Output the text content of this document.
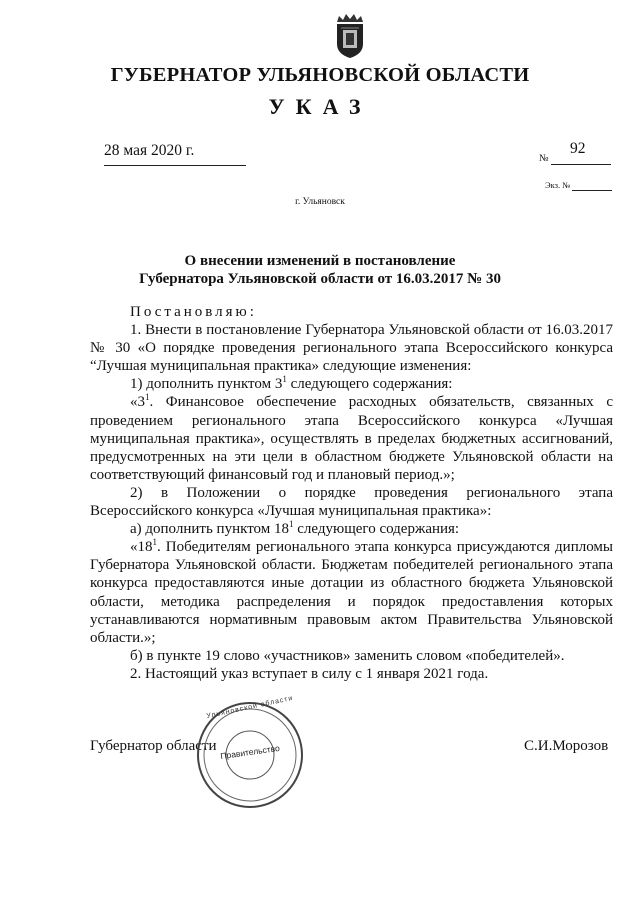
ГУБЕРНАТОР УЛЬЯНОВСКОЙ ОБЛАСТИ
УКАЗ
28 мая 2020 г.	№
92
Экз. №
г. Ульяновск
О внесении изменений в постановление
Губернатора Ульяновской области от 16.03.2017 № 30

Постановляю:

1. Внести в постановление Губернатора Ульяновской области от 16.03.2017 № 30 «О порядке проведения регионального этапа Всероссийского конкурса “Лучшая муниципальная практика» следующие изменения:

1) дополнить пунктом $3^1$ следующего содержания:

«$3^1$. Финансовое обеспечение расходных обязательств, связанных с проведением регионального этапа Всероссийского конкурса «Лучшая муниципальная практика», осуществлять в пределах бюджетных ассигнований, предусмотренных на эти цели в областном бюджете Ульяновской области на соответствующий финансовый год и плановый период.»;

2) в Положении о порядке проведения регионального этапа Всероссийского конкурса «Лучшая муниципальная практика»:

а) дополнить пунктом $18^1$ следующего содержания:

«$18^1$. Победителям регионального этапа конкурса присуждаются дипломы Губернатора Ульяновской области. Бюджетам победителей регионального этапа конкурса предоставляются иные дотации из областного бюджета Ульяновской области, методика распределения и порядок предоставления которых устанавливаются нормативным правовым актом Правительства Ульяновской области.»;

б) в пункте 19 слово «участников» заменить словом «победителей».

2. Настоящий указ вступает в силу с 1 января 2021 года.

Губернатор области	С.И.Морозов
Ульяновской области
Правительство
